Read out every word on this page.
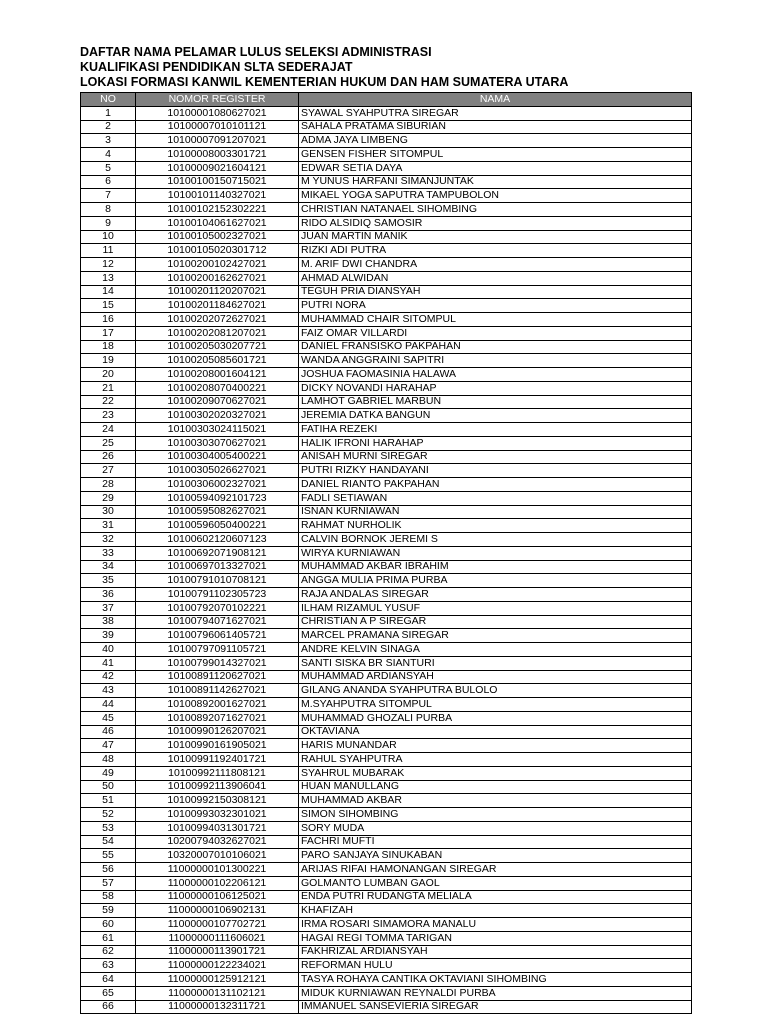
DAFTAR NAMA PELAMAR LULUS SELEKSI ADMINISTRASI
KUALIFIKASI PENDIDIKAN SLTA SEDERAJAT
LOKASI FORMASI KANWIL KEMENTERIAN HUKUM DAN HAM SUMATERA UTARA
NO	NOMOR REGISTER	NAMA
1	10100001080627021	SYAWAL SYAHPUTRA SIREGAR
2	10100007010101121	SAHALA PRATAMA SIBURIAN
3	10100007091207021	ADMA JAYA LIMBENG
4	10100008003301721	GENSEN FISHER SITOMPUL
5	10100009021604121	EDWAR SETIA DAYA
6	10100100150715021	M YUNUS HARFANI SIMANJUNTAK
7	10100101140327021	MIKAEL YOGA SAPUTRA TAMPUBOLON
8	10100102152302221	CHRISTIAN NATANAEL SIHOMBING
9	10100104061627021	RIDO ALSIDIQ SAMOSIR
10	10100105002327021	JUAN MARTIN MANIK
11	10100105020301712	RIZKI ADI PUTRA
12	10100200102427021	M. ARIF DWI CHANDRA
13	10100200162627021	AHMAD ALWIDAN
14	10100201120207021	TEGUH PRIA DIANSYAH
15	10100201184627021	PUTRI NORA
16	10100202072627021	MUHAMMAD CHAIR SITOMPUL
17	10100202081207021	FAIZ OMAR VILLARDI
18	10100205030207721	DANIEL FRANSISKO PAKPAHAN
19	10100205085601721	WANDA ANGGRAINI SAPITRI
20	10100208001604121	JOSHUA FAOMASINIA HALAWA
21	10100208070400221	DICKY NOVANDI HARAHAP
22	10100209070627021	LAMHOT GABRIEL MARBUN
23	10100302020327021	JEREMIA DATKA BANGUN
24	10100303024115021	FATIHA REZEKI
25	10100303070627021	HALIK IFRONI HARAHAP
26	10100304005400221	ANISAH MURNI SIREGAR
27	10100305026627021	PUTRI RIZKY HANDAYANI
28	10100306002327021	DANIEL RIANTO PAKPAHAN
29	10100594092101723	FADLI SETIAWAN
30	10100595082627021	ISNAN KURNIAWAN
31	10100596050400221	RAHMAT NURHOLIK
32	10100602120607123	CALVIN BORNOK JEREMI S
33	10100692071908121	WIRYA KURNIAWAN
34	10100697013327021	MUHAMMAD AKBAR IBRAHIM
35	10100791010708121	ANGGA MULIA PRIMA PURBA
36	10100791102305723	RAJA ANDALAS SIREGAR
37	10100792070102221	ILHAM RIZAMUL YUSUF
38	10100794071627021	CHRISTIAN A P SIREGAR
39	10100796061405721	MARCEL PRAMANA SIREGAR
40	10100797091105721	ANDRE KELVIN SINAGA
41	10100799014327021	SANTI SISKA BR SIANTURI
42	10100891120627021	MUHAMMAD ARDIANSYAH
43	10100891142627021	GILANG ANANDA SYAHPUTRA BULOLO
44	10100892001627021	M.SYAHPUTRA SITOMPUL
45	10100892071627021	MUHAMMAD GHOZALI PURBA
46	10100990126207021	OKTAVIANA
47	10100990161905021	HARIS MUNANDAR
48	10100991192401721	RAHUL SYAHPUTRA
49	10100992111808121	SYAHRUL MUBARAK
50	10100992113906041	HUAN MANULLANG
51	10100992150308121	MUHAMMAD AKBAR
52	10100993032301021	SIMON SIHOMBING
53	10100994031301721	SORY MUDA
54	10200794032627021	FACHRI MUFTI
55	10320007010106021	PARO SANJAYA SINUKABAN
56	11000000101300221	ARIJAS RIFAI HAMONANGAN SIREGAR
57	11000000102206121	GOLMANTO LUMBAN GAOL
58	11000000106125021	ENDA PUTRI RUDANGTA MELIALA
59	11000000106902131	KHAFIZAH
60	11000000107702721	IRMA ROSARI SIMAMORA MANALU
61	11000000111606021	HAGAI REGI TOMMA TARIGAN
62	11000000113901721	FAKHRIZAL ARDIANSYAH
63	11000000122234021	REFORMAN HULU
64	11000000125912121	TASYA ROHAYA CANTIKA OKTAVIANI SIHOMBING
65	11000000131102121	MIDUK KURNIAWAN REYNALDI PURBA
66	11000000132311721	IMMANUEL SANSEVIERIA SIREGAR
